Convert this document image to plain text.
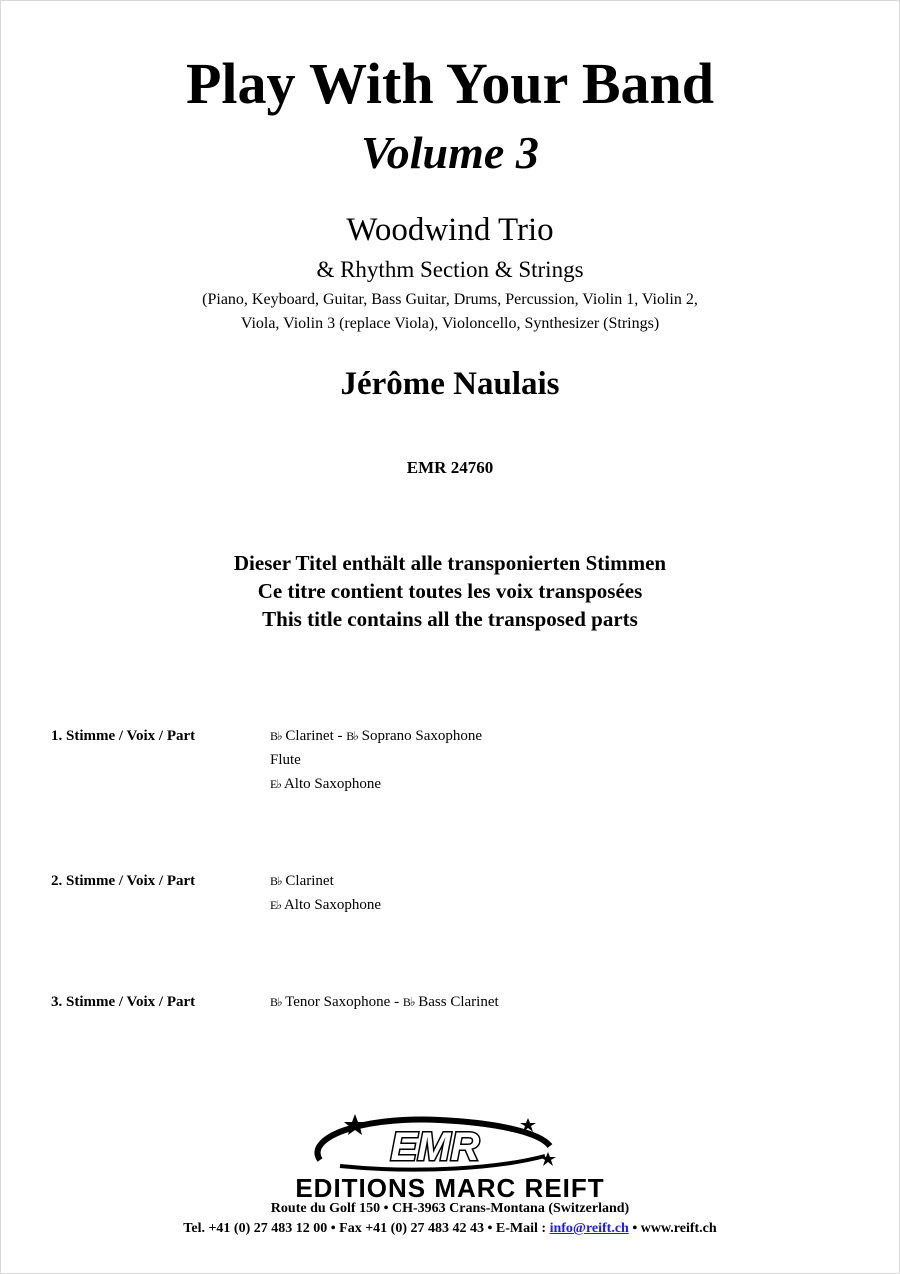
Play With Your Band
Volume 3
Woodwind Trio
& Rhythm Section & Strings
(Piano, Keyboard, Guitar, Bass Guitar, Drums, Percussion, Violin 1, Violin 2,
Viola, Violin 3 (replace Viola), Violoncello, Synthesizer (Strings)
Jérôme Naulais
EMR 24760
Dieser Titel enthält alle transponierten Stimmen
Ce titre contient toutes les voix transposées
This title contains all the transposed parts
1. Stimme / Voix / Part	B♭ Clarinet - B♭ Soprano Saxophone
Flute
E♭ Alto Saxophone
2. Stimme / Voix / Part	B♭ Clarinet
E♭ Alto Saxophone
3. Stimme / Voix / Part	B♭ Tenor Saxophone - B♭ Bass Clarinet
EMR
EDITIONS MARC REIFT
Route du Golf 150 • CH-3963 Crans-Montana (Switzerland)
Tel. +41 (0) 27 483 12 00 • Fax +41 (0) 27 483 42 43 • E-Mail : info@reift.ch • www.reift.ch
